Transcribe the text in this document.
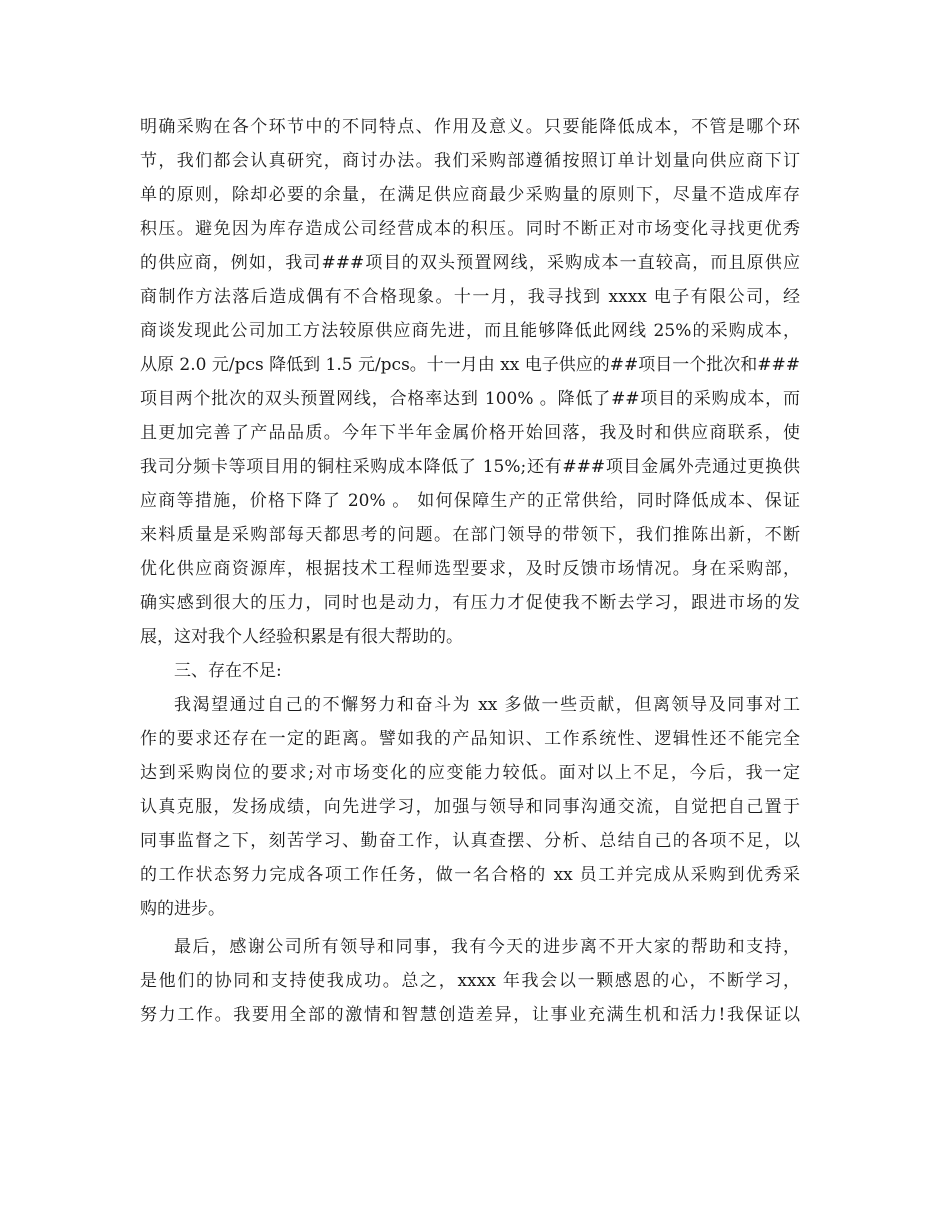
明确采购在各个环节中的不同特点、作用及意义。只要能降低成本，不管是哪个环
节，我们都会认真研究，商讨办法。我们采购部遵循按照订单计划量向供应商下订
单的原则，除却必要的余量，在满足供应商最少采购量的原则下，尽量不造成库存
积压。避免因为库存造成公司经营成本的积压。同时不断正对市场变化寻找更优秀
的供应商，例如，我司###项目的双头预置网线，采购成本一直较高，而且原供应
商制作方法落后造成偶有不合格现象。十一月，我寻找到 xxxx 电子有限公司，经
商谈发现此公司加工方法较原供应商先进，而且能够降低此网线 25%的采购成本，
从原 2.0 元/pcs 降低到 1.5 元/pcs。十一月由 xx 电子供应的##项目一个批次和###
项目两个批次的双头预置网线，合格率达到 100% 。降低了##项目的采购成本，而
且更加完善了产品品质。今年下半年金属价格开始回落，我及时和供应商联系，使
我司分频卡等项目用的铜柱采购成本降低了 15%;还有###项目金属外壳通过更换供
应商等措施，价格下降了 20% 。 如何保障生产的正常供给，同时降低成本、保证
来料质量是采购部每天都思考的问题。在部门领导的带领下，我们推陈出新，不断
优化供应商资源库，根据技术工程师选型要求，及时反馈市场情况。身在采购部，
确实感到很大的压力，同时也是动力，有压力才促使我不断去学习，跟进市场的发
展，这对我个人经验积累是有很大帮助的。
三、存在不足:
我渴望通过自己的不懈努力和奋斗为 xx 多做一些贡献，但离领导及同事对工
作的要求还存在一定的距离。譬如我的产品知识、工作系统性、逻辑性还不能完全
达到采购岗位的要求;对市场变化的应变能力较低。面对以上不足，今后，我一定
认真克服，发扬成绩，向先进学习，加强与领导和同事沟通交流，自觉把自己置于
同事监督之下，刻苦学习、勤奋工作，认真查摆、分析、总结自己的各项不足，以
的工作状态努力完成各项工作任务，做一名合格的 xx 员工并完成从采购到优秀采
购的进步。
最后，感谢公司所有领导和同事，我有今天的进步离不开大家的帮助和支持，
是他们的协同和支持使我成功。总之，xxxx 年我会以一颗感恩的心，不断学习，
努力工作。我要用全部的激情和智慧创造差异，让事业充满生机和活力!我保证以
